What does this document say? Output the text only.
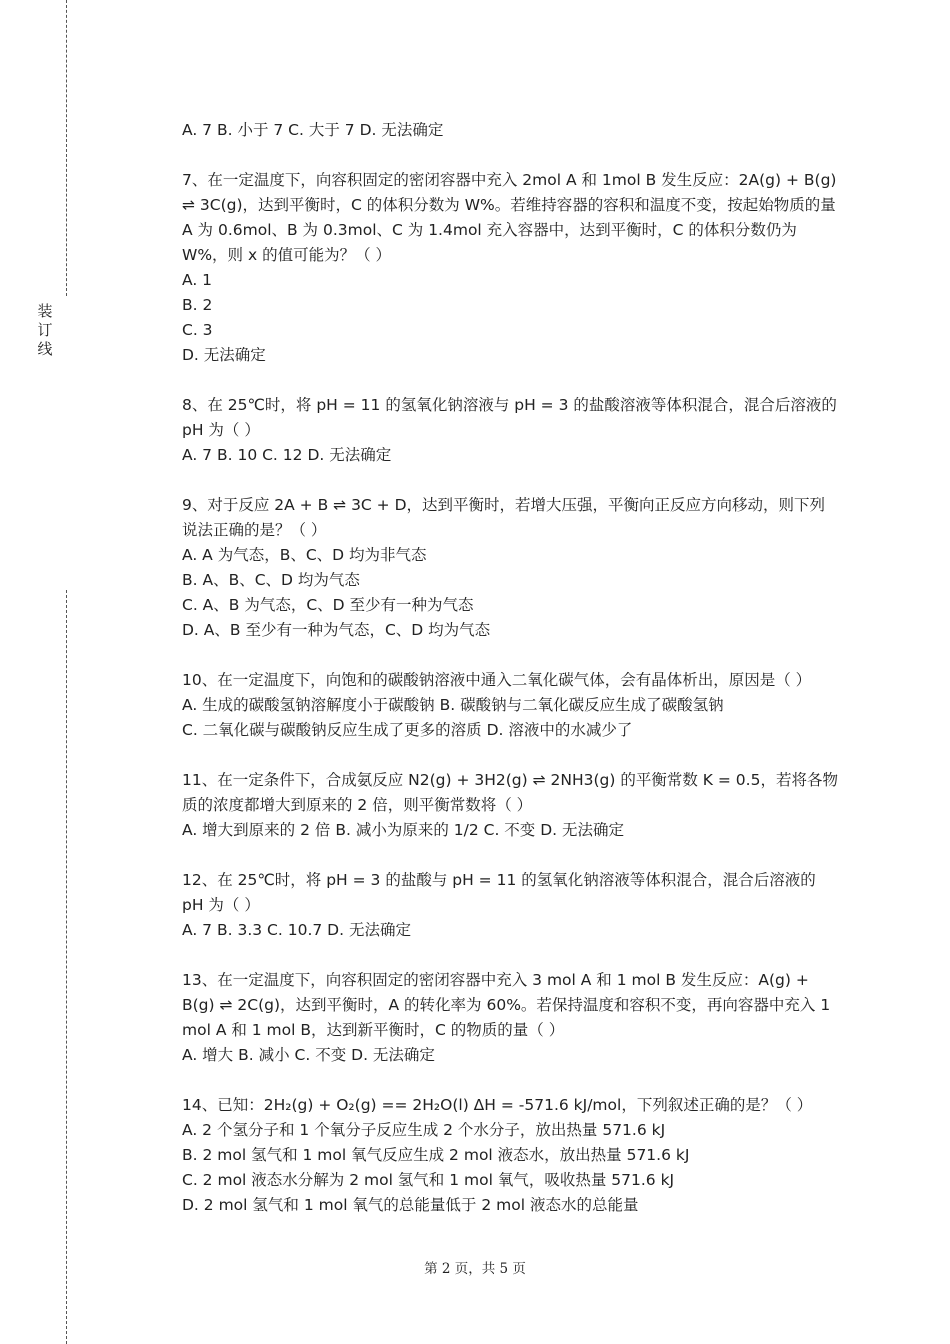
装
订
线

A. 7 B. 小于 7 C. 大于 7 D. 无法确定

7、在一定温度下，向容积固定的密闭容器中充入 2mol A 和 1mol B 发生反应：2A(g) + B(g) ⇌ 3C(g)，达到平衡时，C 的体积分数为 W%。若维持容器的容积和温度不变，按起始物质的量 A 为 0.6mol、B 为 0.3mol、C 为 1.4mol 充入容器中，达到平衡时，C 的体积分数仍为 W%，则 x 的值可能为？（ ）

A. 1

B. 2

C. 3

D. 无法确定

8、在 25℃时，将 pH = 11 的氢氧化钠溶液与 pH = 3 的盐酸溶液等体积混合，混合后溶液的 pH 为（ ）

A. 7 B. 10 C. 12 D. 无法确定

9、对于反应 2A + B ⇌ 3C + D，达到平衡时，若增大压强，平衡向正反应方向移动，则下列说法正确的是？（ ）

A. A 为气态，B、C、D 均为非气态

B. A、B、C、D 均为气态

C. A、B 为气态，C、D 至少有一种为气态

D. A、B 至少有一种为气态，C、D 均为气态

10、在一定温度下，向饱和的碳酸钠溶液中通入二氧化碳气体，会有晶体析出，原因是（ ）

A. 生成的碳酸氢钠溶解度小于碳酸钠 B. 碳酸钠与二氧化碳反应生成了碳酸氢钠

C. 二氧化碳与碳酸钠反应生成了更多的溶质 D. 溶液中的水减少了

11、在一定条件下，合成氨反应 N2(g) + 3H2(g) ⇌ 2NH3(g) 的平衡常数 K = 0.5，若将各物质的浓度都增大到原来的 2 倍，则平衡常数将（ ）

A. 增大到原来的 2 倍 B. 减小为原来的 1/2 C. 不变 D. 无法确定

12、在 25℃时，将 pH = 3 的盐酸与 pH = 11 的氢氧化钠溶液等体积混合，混合后溶液的 pH 为（ ）

A. 7 B. 3.3 C. 10.7 D. 无法确定

13、在一定温度下，向容积固定的密闭容器中充入 3 mol A 和 1 mol B 发生反应：A(g) + B(g) ⇌ 2C(g)，达到平衡时，A 的转化率为 60%。若保持温度和容积不变，再向容器中充入 1 mol A 和 1 mol B，达到新平衡时，C 的物质的量（ ）

A. 增大 B. 减小 C. 不变 D. 无法确定

14、已知：2H₂(g) + O₂(g) == 2H₂O(l) ΔH = -571.6 kJ/mol，下列叙述正确的是？（ ）

A. 2 个氢分子和 1 个氧分子反应生成 2 个水分子，放出热量 571.6 kJ

B. 2 mol 氢气和 1 mol 氧气反应生成 2 mol 液态水，放出热量 571.6 kJ

C. 2 mol 液态水分解为 2 mol 氢气和 1 mol 氧气，吸收热量 571.6 kJ

D. 2 mol 氢气和 1 mol 氧气的总能量低于 2 mol 液态水的总能量

第 2 页，共 5 页
